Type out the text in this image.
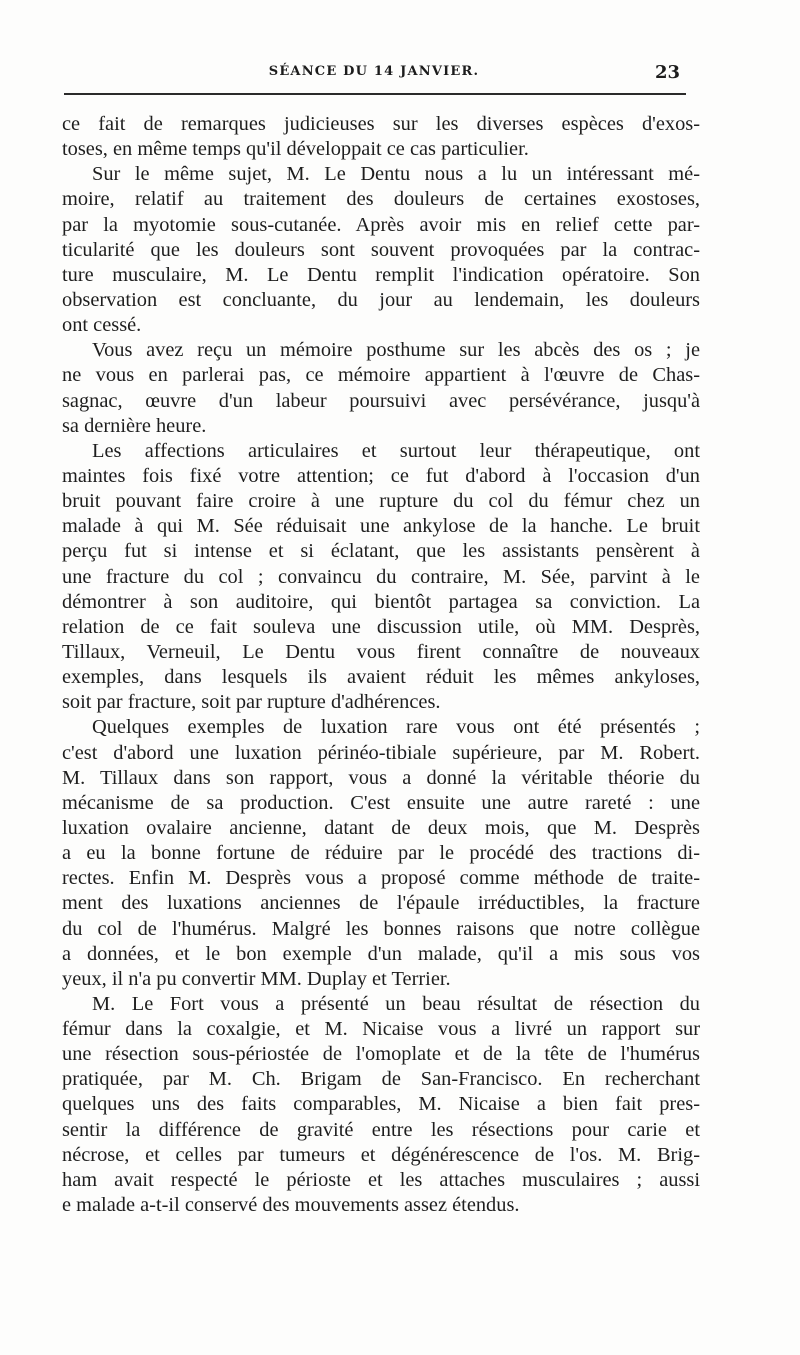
SÉANCE DU 14 JANVIER.	23
ce fait de remarques judicieuses sur les diverses espèces d'exos-
toses, en même temps qu'il développait ce cas particulier.
Sur le même sujet, M. Le Dentu nous a lu un intéressant mé-
moire, relatif au traitement des douleurs de certaines exostoses,
par la myotomie sous-cutanée. Après avoir mis en relief cette par-
ticularité que les douleurs sont souvent provoquées par la contrac-
ture musculaire, M. Le Dentu remplit l'indication opératoire. Son
observation est concluante, du jour au lendemain, les douleurs
ont cessé.
Vous avez reçu un mémoire posthume sur les abcès des os ; je
ne vous en parlerai pas, ce mémoire appartient à l'œuvre de Chas-
sagnac, œuvre d'un labeur poursuivi avec persévérance, jusqu'à
sa dernière heure.
Les affections articulaires et surtout leur thérapeutique, ont
maintes fois fixé votre attention; ce fut d'abord à l'occasion d'un
bruit pouvant faire croire à une rupture du col du fémur chez un
malade à qui M. Sée réduisait une ankylose de la hanche. Le bruit
perçu fut si intense et si éclatant, que les assistants pensèrent à
une fracture du col ; convaincu du contraire, M. Sée, parvint à le
démontrer à son auditoire, qui bientôt partagea sa conviction. La
relation de ce fait souleva une discussion utile, où MM. Desprès,
Tillaux, Verneuil, Le Dentu vous firent connaître de nouveaux
exemples, dans lesquels ils avaient réduit les mêmes ankyloses,
soit par fracture, soit par rupture d'adhérences.
Quelques exemples de luxation rare vous ont été présentés ;
c'est d'abord une luxation périnéo-tibiale supérieure, par M. Robert.
M. Tillaux dans son rapport, vous a donné la véritable théorie du
mécanisme de sa production. C'est ensuite une autre rareté : une
luxation ovalaire ancienne, datant de deux mois, que M. Desprès
a eu la bonne fortune de réduire par le procédé des tractions di-
rectes. Enfin M. Desprès vous a proposé comme méthode de traite-
ment des luxations anciennes de l'épaule irréductibles, la fracture
du col de l'humérus. Malgré les bonnes raisons que notre collègue
a données, et le bon exemple d'un malade, qu'il a mis sous vos
yeux, il n'a pu convertir MM. Duplay et Terrier.
M. Le Fort vous a présenté un beau résultat de résection du
fémur dans la coxalgie, et M. Nicaise vous a livré un rapport sur
une résection sous-périostée de l'omoplate et de la tête de l'humérus
pratiquée, par M. Ch. Brigam de San-Francisco. En recherchant
quelques uns des faits comparables, M. Nicaise a bien fait pres-
sentir la différence de gravité entre les résections pour carie et
nécrose, et celles par tumeurs et dégénérescence de l'os. M. Brig-
ham avait respecté le périoste et les attaches musculaires ; aussi
e malade a-t-il conservé des mouvements assez étendus.
